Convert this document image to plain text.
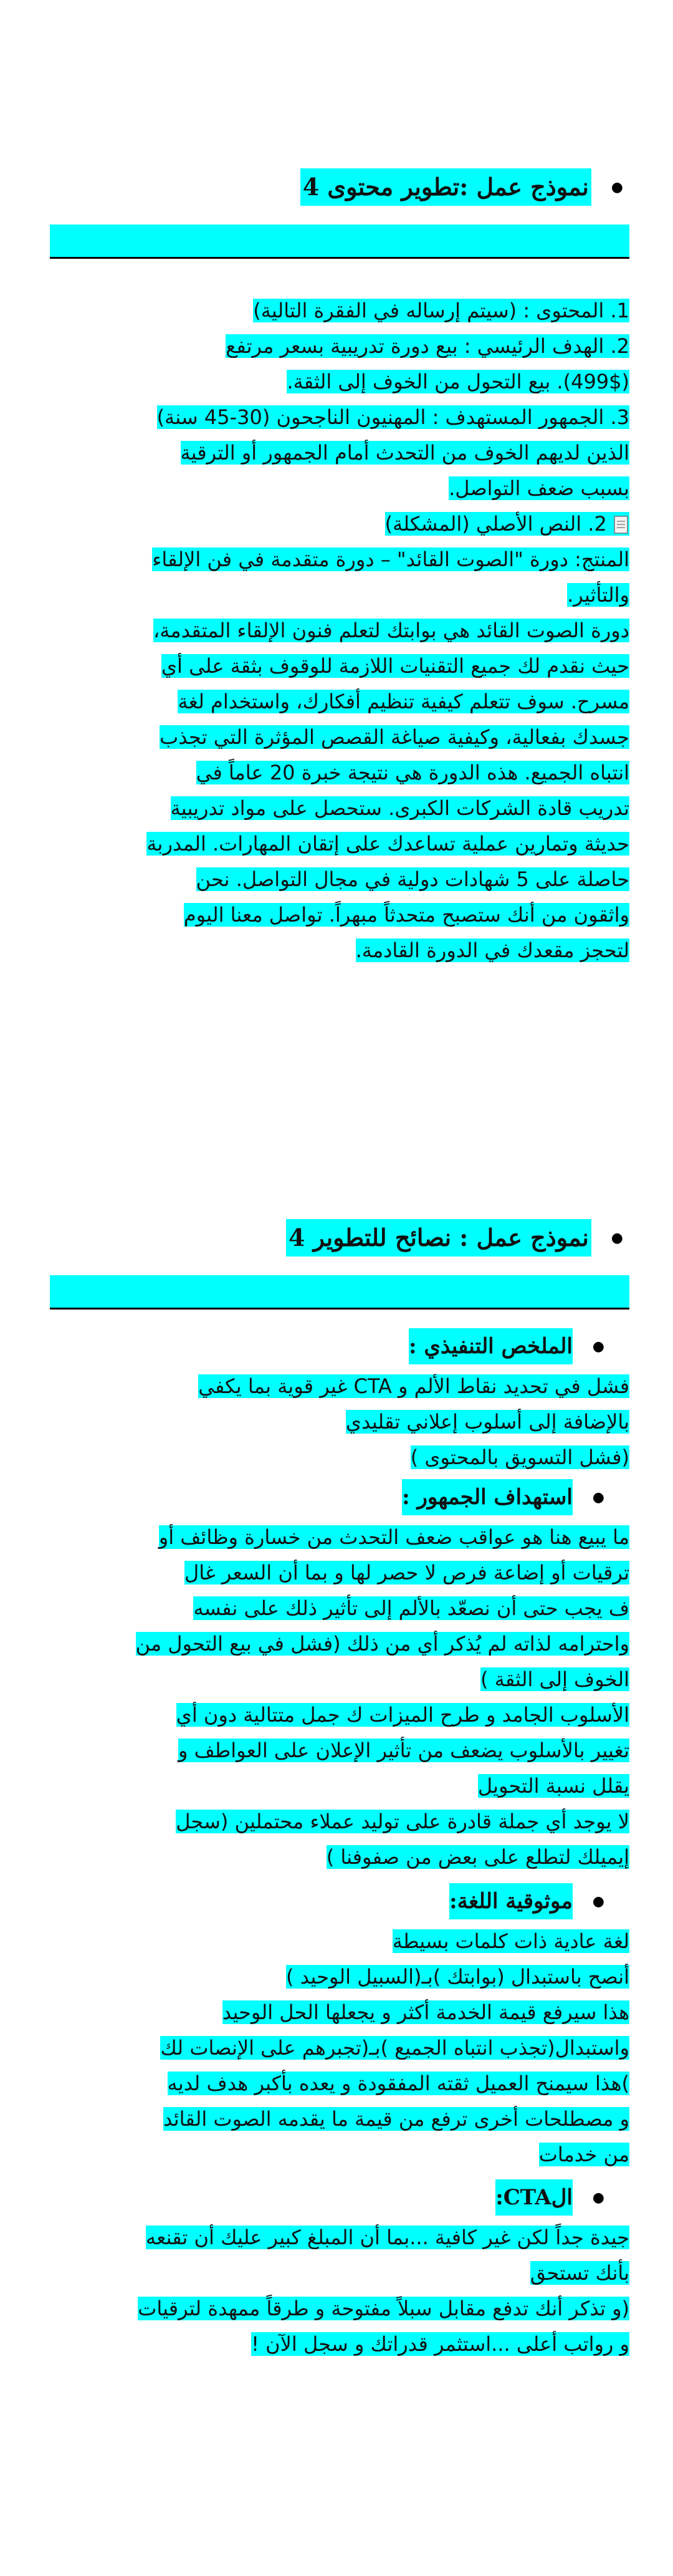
●
نموذج عمل :تطوير محتوى 4

1. المحتوى : (سيتم إرساله في الفقرة التالية)

2. الهدف الرئيسي : بيع دورة تدريبية بسعر مرتفع

(499$). بيع التحول من الخوف إلى الثقة.

3. الجمهور المستهدف : المهنيون الناجحون (30-45 سنة)

الذين لديهم الخوف من التحدث أمام الجمهور أو الترقية

بسبب ضعف التواصل.

2. النص الأصلي (المشكلة)

المنتج: دورة "الصوت القائد" – دورة متقدمة في فن الإلقاء

والتأثير.

دورة الصوت القائد هي بوابتك لتعلم فنون الإلقاء المتقدمة،

حيث نقدم لك جميع التقنيات اللازمة للوقوف بثقة على أي

مسرح. سوف تتعلم كيفية تنظيم أفكارك، واستخدام لغة

جسدك بفعالية، وكيفية صياغة القصص المؤثرة التي تجذب

انتباه الجميع. هذه الدورة هي نتيجة خبرة 20 عاماً في

تدريب قادة الشركات الكبرى. ستحصل على مواد تدريبية

حديثة وتمارين عملية تساعدك على إتقان المهارات. المدربة

حاصلة على 5 شهادات دولية في مجال التواصل. نحن

واثقون من أنك ستصبح متحدثاً مبهراً. تواصل معنا اليوم

لتحجز مقعدك في الدورة القادمة.

●
نموذج عمل : نصائح للتطوير 4
●
الملخص التنفيذي :

فشل في تحديد نقاط الألم و CTA غير قوية بما يكفي

بالإضافة إلى أسلوب إعلاني تقليدي

(فشل التسويق بالمحتوى )

●
استهداف الجمهور :

ما يبيع هنا هو عواقب ضعف التحدث من خسارة وظائف أو

ترقيات أو إضاعة فرص لا حصر لها و بما أن السعر غال

ف يجب حتى أن نصعّد بالألم إلى تأثير ذلك على نفسه

واحترامه لذاته لم يُذكر أي من ذلك (فشل في بيع التحول من

الخوف إلى الثقة )

الأسلوب الجامد و طرح الميزات ك جمل متتالية دون أي

تغيير بالأسلوب يضعف من تأثير الإعلان على العواطف و

يقلل نسبة التحويل

لا يوجد أي جملة قادرة على توليد عملاء محتملين (سجل

إيميلك لتطلع على بعض من صفوفنا )

●
موثوقية اللغة:

لغة عادية ذات كلمات بسيطة

أنصح باستبدال (بوابتك )بـ(السبيل الوحيد )

هذا سيرفع قيمة الخدمة أكثر و يجعلها الحل الوحيد

واستبدال(تجذب انتباه الجميع )بـ(تجبرهم على الإنصات لك

)هذا سيمنح العميل ثقته المفقودة و يعده بأكبر هدف لديه

و مصطلحات أخرى ترفع من قيمة ما يقدمه الصوت القائد

من خدمات

●
الCTA:

جيدة جداً لكن غير كافية ...بما أن المبلغ كبير عليك أن تقنعه

بأنك تستحق

(و تذكر أنك تدفع مقابل سبلاً مفتوحة و طرقاً ممهدة لترقيات

و رواتب أعلى ...استثمر قدراتك و سجل الآن !
